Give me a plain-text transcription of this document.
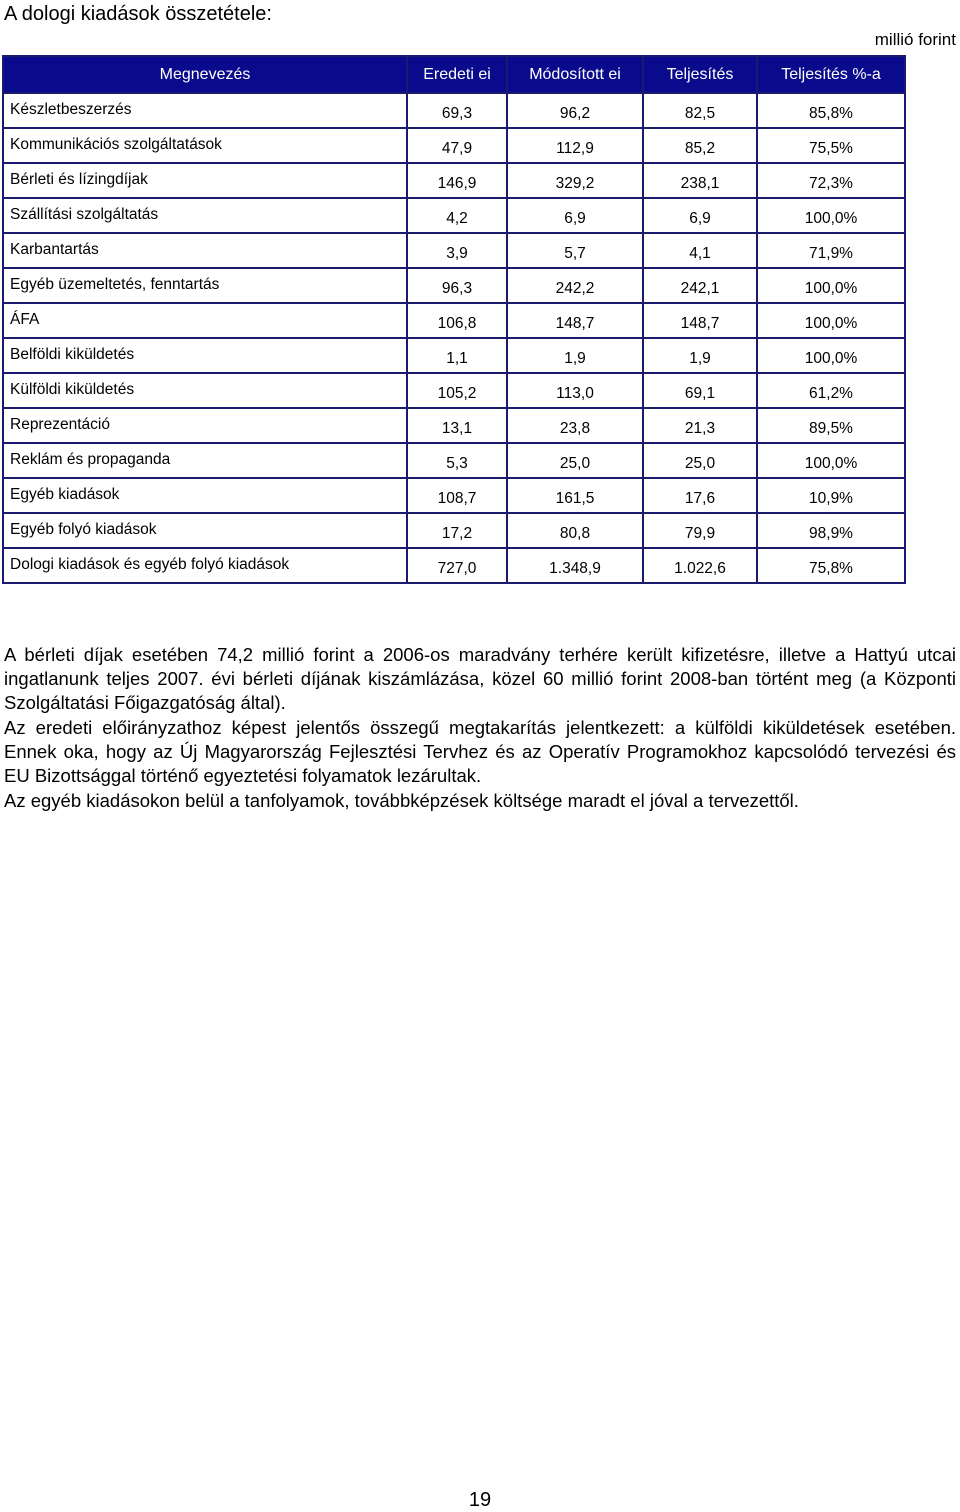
A dologi kiadások összetétele:
millió forint
Megnevezés	Eredeti ei	Módosított ei	Teljesítés	Teljesítés %-a
Készletbeszerzés	69,3	96,2	82,5	85,8%
Kommunikációs szolgáltatások	47,9	112,9	85,2	75,5%
Bérleti és lízingdíjak	146,9	329,2	238,1	72,3%
Szállítási szolgáltatás	4,2	6,9	6,9	100,0%
Karbantartás	3,9	5,7	4,1	71,9%
Egyéb üzemeltetés, fenntartás	96,3	242,2	242,1	100,0%
ÁFA	106,8	148,7	148,7	100,0%
Belföldi kiküldetés	1,1	1,9	1,9	100,0%
Külföldi kiküldetés	105,2	113,0	69,1	61,2%
Reprezentáció	13,1	23,8	21,3	89,5%
Reklám és propaganda	5,3	25,0	25,0	100,0%
Egyéb kiadások	108,7	161,5	17,6	10,9%
Egyéb folyó kiadások	17,2	80,8	79,9	98,9%
Dologi kiadások és egyéb folyó kiadások	727,0	1.348,9	1.022,6	75,8%
A bérleti díjak esetében 74,2 millió forint a 2006-os maradvány terhére került kifizetésre, illetve a Hattyú utcai ingatlanunk teljes 2007. évi bérleti díjának kiszámlázása, közel 60 millió forint 2008-ban történt meg (a Központi Szolgáltatási Főigazgatóság által).
Az eredeti előirányzathoz képest jelentős összegű megtakarítás jelentkezett: a külföldi kiküldetések esetében. Ennek oka, hogy az Új Magyarország Fejlesztési Tervhez és az Operatív Programokhoz kapcsolódó tervezési és EU Bizottsággal történő egyeztetési folyamatok lezárultak.
Az egyéb kiadásokon belül a tanfolyamok, továbbképzések költsége maradt el jóval a tervezettől.
19
